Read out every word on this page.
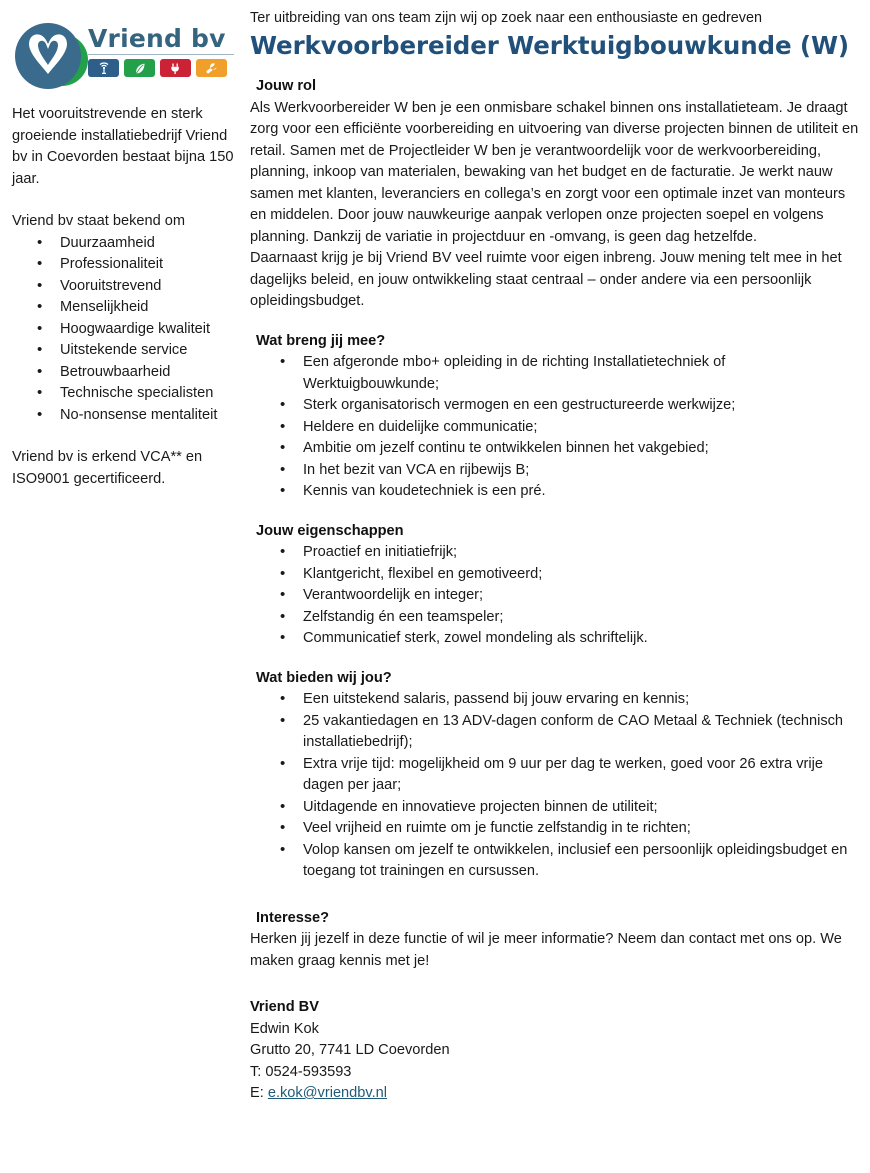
Vriend bv

Het vooruitstrevende en sterk groeiende installatiebedrijf Vriend bv in Coevorden bestaat bijna 150 jaar.

Vriend bv staat bekend om

• Duurzaamheid
• Professionaliteit
• Vooruitstrevend
• Menselijkheid
• Hoogwaardige kwaliteit
• Uitstekende service
• Betrouwbaarheid
• Technische specialisten
• No-nonsense mentaliteit

Vriend bv is erkend VCA** en ISO9001 gecertificeerd.

Ter uitbreiding van ons team zijn wij op zoek naar een enthousiaste en gedreven

Werkvoorbereider Werktuigbouwkunde (W)
Jouw rol

Als Werkvoorbereider W ben je een onmisbare schakel binnen ons installatieteam. Je draagt zorg voor een efficiënte voorbereiding en uitvoering van diverse projecten binnen de utiliteit en retail. Samen met de Projectleider W ben je verantwoordelijk voor de werkvoorbereiding, planning, inkoop van materialen, bewaking van het budget en de facturatie. Je werkt nauw samen met klanten, leveranciers en collega’s en zorgt voor een optimale inzet van monteurs en middelen. Door jouw nauwkeurige aanpak verlopen onze projecten soepel en volgens planning. Dankzij de variatie in projectduur en -omvang, is geen dag hetzelfde.

Daarnaast krijg je bij Vriend BV veel ruimte voor eigen inbreng. Jouw mening telt mee in het dagelijks beleid, en jouw ontwikkeling staat centraal – onder andere via een persoonlijk opleidingsbudget.

Wat breng jij mee?
• Een afgeronde mbo+ opleiding in de richting Installatietechniek of Werktuigbouwkunde;
• Sterk organisatorisch vermogen en een gestructureerde werkwijze;
• Heldere en duidelijke communicatie;
• Ambitie om jezelf continu te ontwikkelen binnen het vakgebied;
• In het bezit van VCA en rijbewijs B;
• Kennis van koudetechniek is een pré.
Jouw eigenschappen
• Proactief en initiatiefrijk;
• Klantgericht, flexibel en gemotiveerd;
• Verantwoordelijk en integer;
• Zelfstandig én een teamspeler;
• Communicatief sterk, zowel mondeling als schriftelijk.
Wat bieden wij jou?
• Een uitstekend salaris, passend bij jouw ervaring en kennis;
• 25 vakantiedagen en 13 ADV-dagen conform de CAO Metaal & Techniek (technisch installatiebedrijf);
• Extra vrije tijd: mogelijkheid om 9 uur per dag te werken, goed voor 26 extra vrije dagen per jaar;
• Uitdagende en innovatieve projecten binnen de utiliteit;
• Veel vrijheid en ruimte om je functie zelfstandig in te richten;
• Volop kansen om jezelf te ontwikkelen, inclusief een persoonlijk opleidingsbudget en toegang tot trainingen en cursussen.
Interesse?

Herken jij jezelf in deze functie of wil je meer informatie? Neem dan contact met ons op. We maken graag kennis met je!

Vriend BV

Edwin Kok

Grutto 20, 7741 LD Coevorden

T: 0524-593593

E: e.kok@vriendbv.nl
